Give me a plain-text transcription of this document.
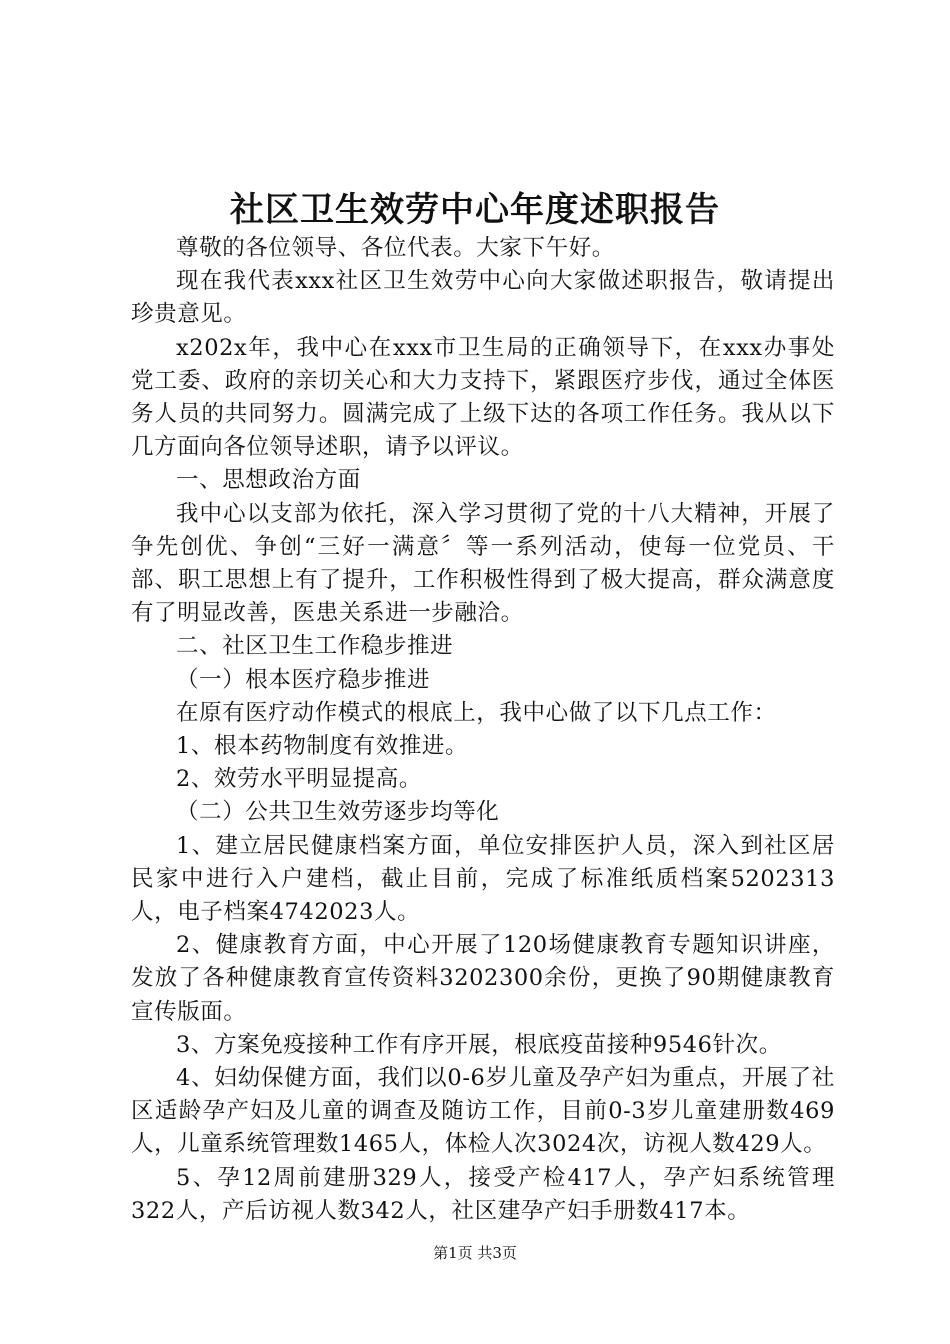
社区卫生效劳中心年度述职报告

尊敬的各位领导、各位代表。大家下午好。

现在我代表xxx社区卫生效劳中心向大家做述职报告，敬请提出珍贵意见。

x202x年，我中心在xxx市卫生局的正确领导下，在xxx办事处党工委、政府的亲切关心和大力支持下，紧跟医疗步伐，通过全体医务人员的共同努力。圆满完成了上级下达的各项工作任务。我从以下几方面向各位领导述职，请予以评议。

一、思想政治方面

我中心以支部为依托，深入学习贯彻了党的十八大精神，开展了争先创优、争创“三好一满意〞等一系列活动，使每一位党员、干部、职工思想上有了提升，工作积极性得到了极大提高，群众满意度有了明显改善，医患关系进一步融洽。

二、社区卫生工作稳步推进

（一）根本医疗稳步推进

在原有医疗动作模式的根底上，我中心做了以下几点工作：

1、根本药物制度有效推进。

2、效劳水平明显提高。

（二）公共卫生效劳逐步均等化

1、建立居民健康档案方面，单位安排医护人员，深入到社区居民家中进行入户建档，截止目前，完成了标准纸质档案5202313人，电子档案4742023人。

2、健康教育方面，中心开展了120场健康教育专题知识讲座，发放了各种健康教育宣传资料3202300余份，更换了90期健康教育宣传版面。

3、方案免疫接种工作有序开展，根底疫苗接种9546针次。

4、妇幼保健方面，我们以0-6岁儿童及孕产妇为重点，开展了社区适龄孕产妇及儿童的调查及随访工作，目前0-3岁儿童建册数469人，儿童系统管理数1465人，体检人次3024次，访视人数429人。

5、孕12周前建册329人，接受产检417人，孕产妇系统管理322人，产后访视人数342人，社区建孕产妇手册数417本。

第1页 共3页
